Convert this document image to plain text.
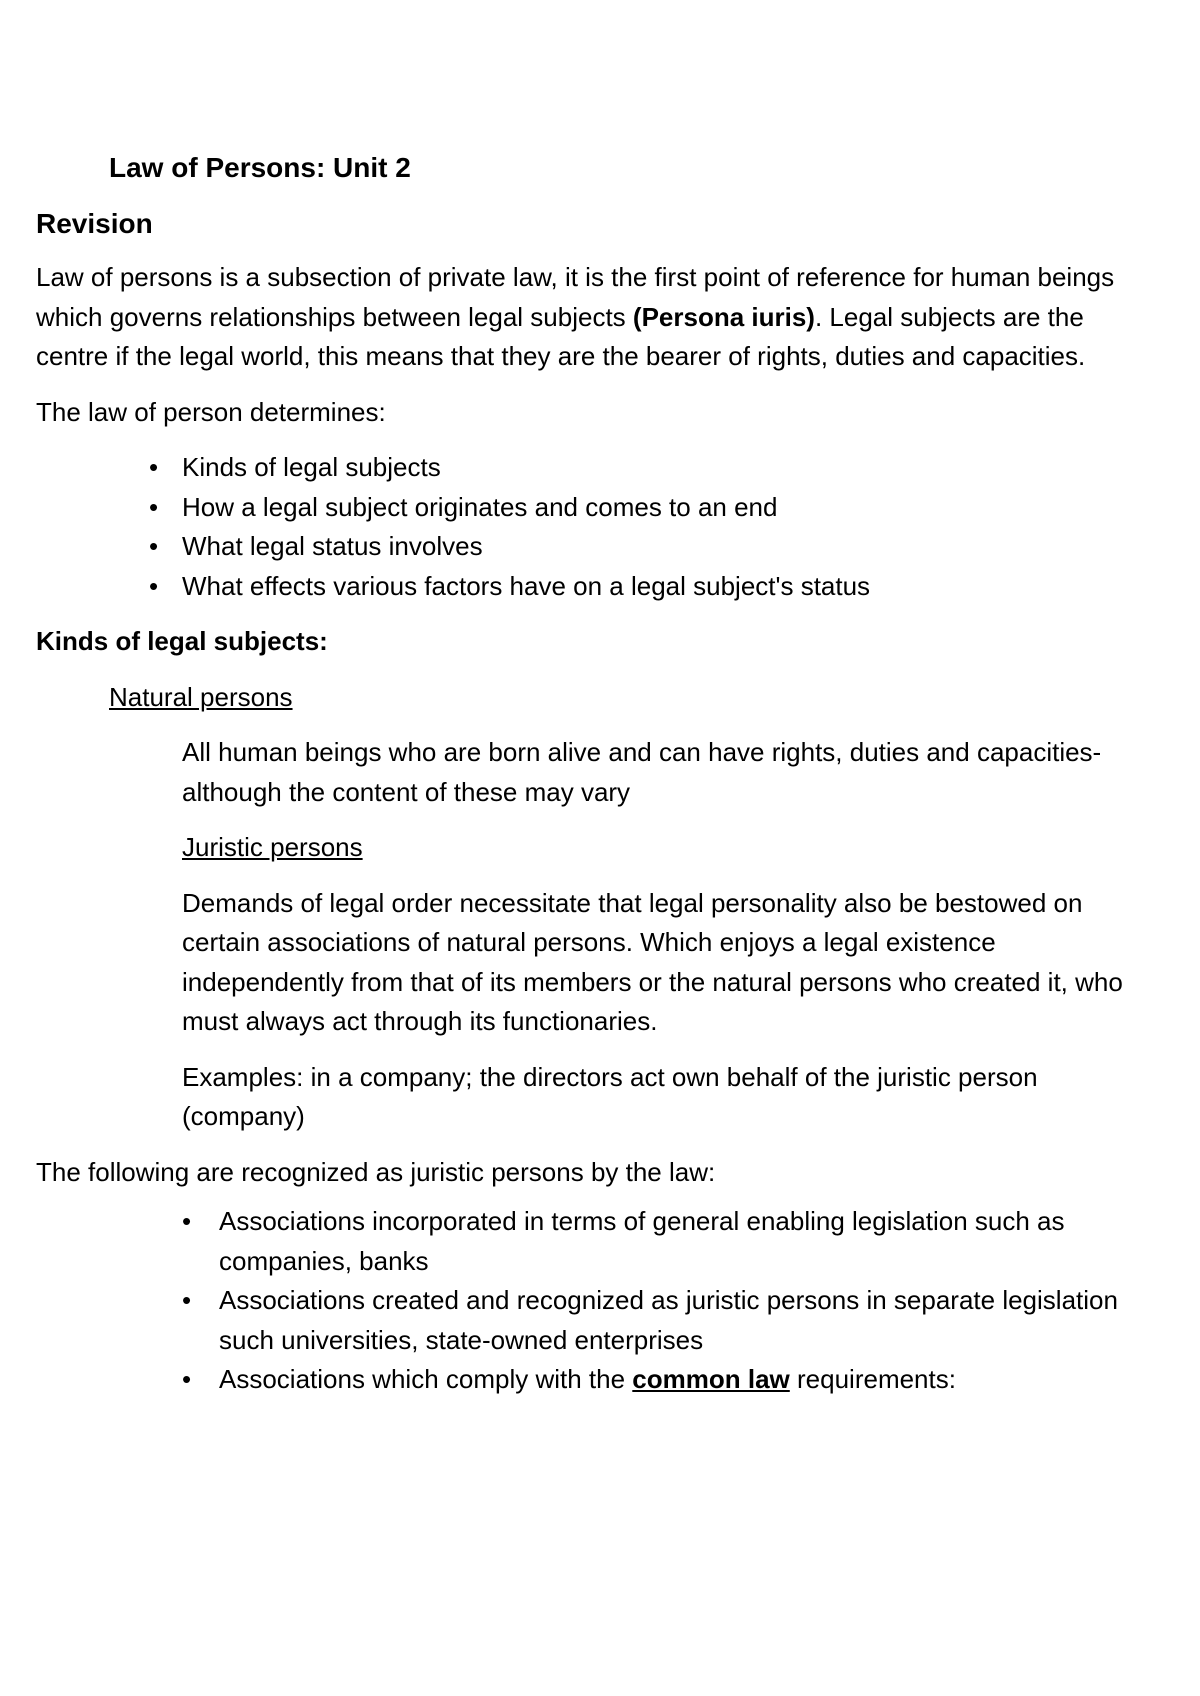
Law of Persons: Unit 2
Revision

Law of persons is a subsection of private law, it is the first point of reference for human beings which governs relationships between legal subjects (Persona iuris). Legal subjects are the centre if the legal world, this means that they are the bearer of rights, duties and capacities.

The law of person determines:

• Kinds of legal subjects
• How a legal subject originates and comes to an end
• What legal status involves
• What effects various factors have on a legal subject's status
Kinds of legal subjects:
Natural persons

All human beings who are born alive and can have rights, duties and capacities-although the content of these may vary

Juristic persons

Demands of legal order necessitate that legal personality also be bestowed on certain associations of natural persons. Which enjoys a legal existence independently from that of its members or the natural persons who created it, who must always act through its functionaries.

Examples: in a company; the directors act own behalf of the juristic person (company)

The following are recognized as juristic persons by the law:

• Associations incorporated in terms of general enabling legislation such as companies, banks
• Associations created and recognized as juristic persons in separate legislation such universities, state-owned enterprises
• Associations which comply with the common law requirements:
